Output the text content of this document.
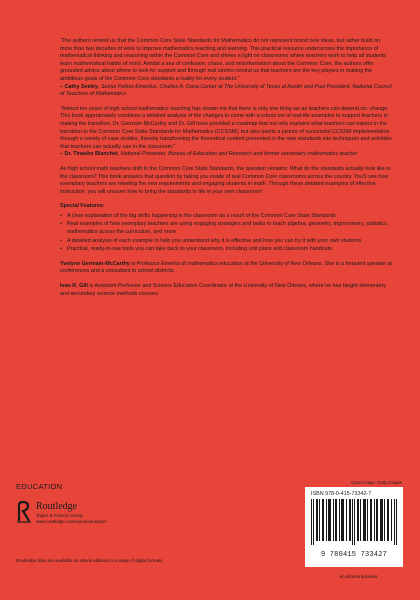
“The authors remind us that the Common Core State Standards for Mathematics do not represent brand new ideas, but rather build on more than two decades of work to improve mathematics teaching and learning. This practical resource underscores the importance of mathematical thinking and reasoning within the Common Core and shines a light on classrooms where teachers work to help all students learn mathematical habits of mind. Amidst a sea of confusion, chaos, and misinformation about the Common Core, the authors offer grounded advice about where to look for support and through real stories remind us that teachers are the key players in making the ambitious goals of the Common Core standards a reality for every student.”

– Cathy Seeley, Senior Fellow Emeritus, Charles A. Dana Center at The University of Texas at Austin and Past President, National Council of Teachers of Mathematics

“Almost ten years of high school mathematics teaching has shown me that there is only one thing we as teachers can depend on: change. This book appropriately combines a detailed analysis of the changes to come with a robust set of real-life examples to support teachers in making the transition. Dr. Germain-McCarthy and Dr. Gill have provided a roadmap that not only explains what teachers can expect in the transition to the Common Core State Standards for Mathematics (CCSSM), but also paints a picture of successful CCSSM implementation through a variety of case studies, thereby transforming the theoretical content presented in the new standards into techniques and activities that teachers can actually use in the classroom.”

– Dr. Tinashe Blanchet, National Presenter, Bureau of Education and Research and former secondary mathematics teacher

As high school math teachers shift to the Common Core State Standards, the question remains: What do the standards actually look like in the classroom? This book answers that question by taking you inside of real Common Core classrooms across the country. You’ll see how exemplary teachers are meeting the new requirements and engaging students in math. Through these detailed examples of effective instruction, you will uncover how to bring the standards to life in your own classroom!

Special Features:
• A clear explanation of the big shifts happening in the classroom as a result of the Common Core State Standards
• Real examples of how exemplary teachers are using engaging strategies and tasks to teach algebra, geometry, trigonometry, statistics, mathematics across the curriculum, and more
• A detailed analysis of each example to help you understand why it is effective and how you can try it with your own students
• Practical, ready-to-use tools you can take back to your classroom, including unit plans and classroom handouts

Yvelyne Germain-McCarthy is Professor Emerita of mathematics education at the University of New Orleans. She is a frequent speaker at conferences and a consultant to school districts.

Ivan R. Gill is Assistant Professor and Science Education Coordinator at the University of New Orleans, where he has taught elementary and secondary science methods courses.

EDUCATION
Routledge
Taylor & Francis Group
www.routledge.com/eyeoneducation
Routledge titles are available as eBook editions in a range of digital formats
Cover image: Getty Images
ISBN 978-0-415-73342-7
9 780415 733427
an informa business
